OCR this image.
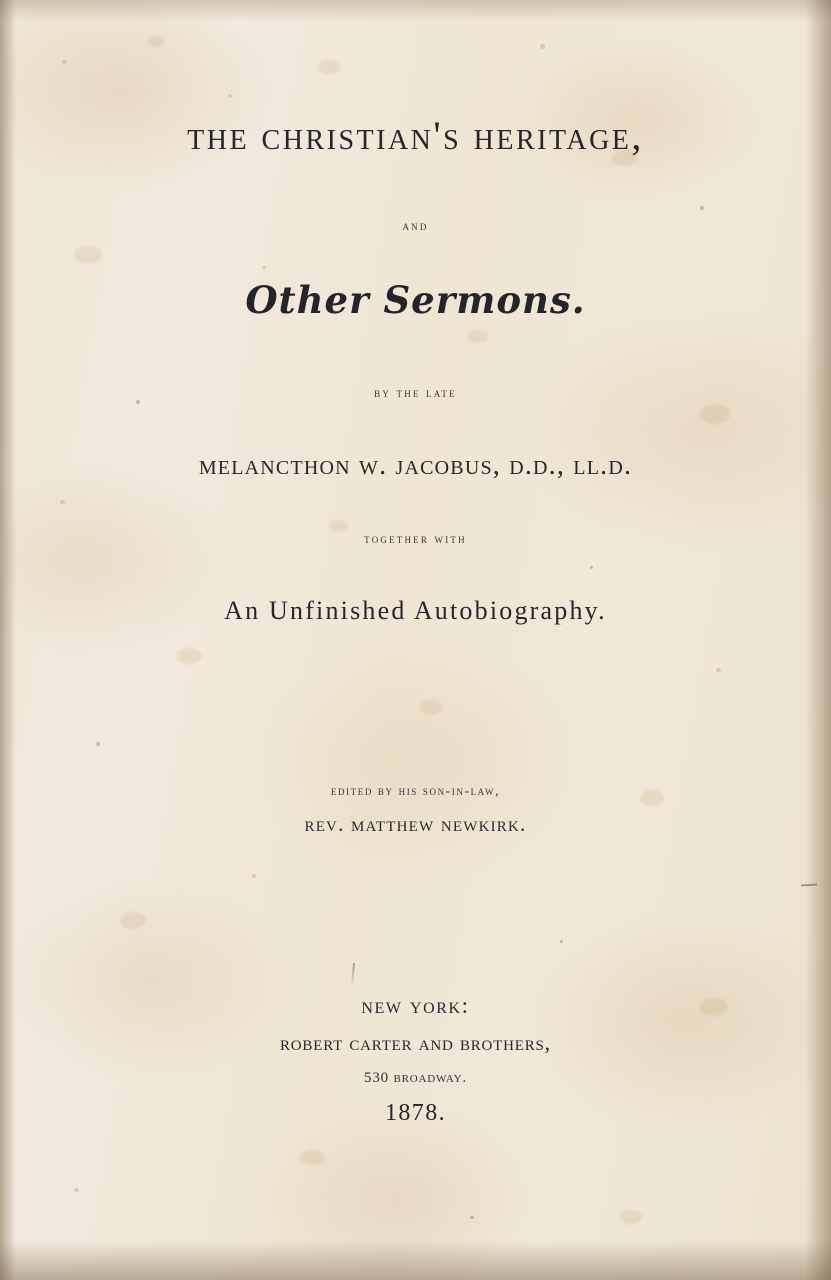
the christian's heritage,
and
Other Sermons.
by the late
melancthon w. jacobus, d.d., ll.d.
together with
An Unfinished Autobiography.
edited by his son-in-law,
rev. matthew newkirk.
new york:
robert carter and brothers,
530 broadway.
1878.
